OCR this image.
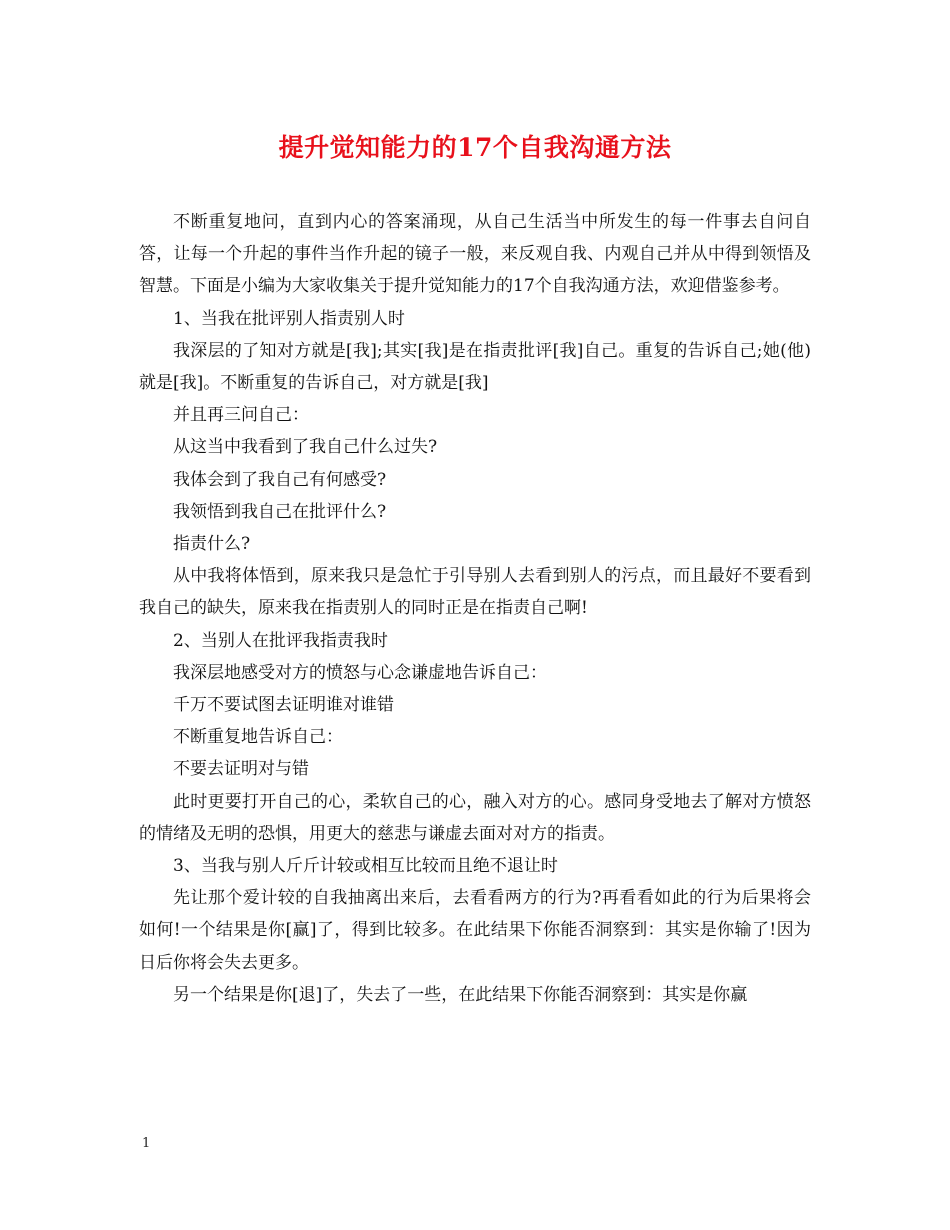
提升觉知能力的17个自我沟通方法

不断重复地问，直到内心的答案涌现，从自己生活当中所发生的每一件事去自问自答，让每一个升起的事件当作升起的镜子一般，来反观自我、内观自己并从中得到领悟及智慧。下面是小编为大家收集关于提升觉知能力的17个自我沟通方法，欢迎借鉴参考。

1、当我在批评别人指责别人时

我深层的了知对方就是[我];其实[我]是在指责批评[我]自己。重复的告诉自己;她(他)就是[我]。不断重复的告诉自己，对方就是[我]

并且再三问自己：

从这当中我看到了我自己什么过失?

我体会到了我自己有何感受?

我领悟到我自己在批评什么?

指责什么?

从中我将体悟到，原来我只是急忙于引导别人去看到别人的污点，而且最好不要看到我自己的缺失，原来我在指责别人的同时正是在指责自己啊!

2、当别人在批评我指责我时

我深层地感受对方的愤怒与心念谦虚地告诉自己：

千万不要试图去证明谁对谁错

不断重复地告诉自己：

不要去证明对与错

此时更要打开自己的心，柔软自己的心，融入对方的心。感同身受地去了解对方愤怒的情绪及无明的恐惧，用更大的慈悲与谦虚去面对对方的指责。

3、当我与别人斤斤计较或相互比较而且绝不退让时

先让那个爱计较的自我抽离出来后，去看看两方的行为?再看看如此的行为后果将会如何!一个结果是你[赢]了，得到比较多。在此结果下你能否洞察到：其实是你输了!因为日后你将会失去更多。

另一个结果是你[退]了，失去了一些，在此结果下你能否洞察到：其实是你赢

1
